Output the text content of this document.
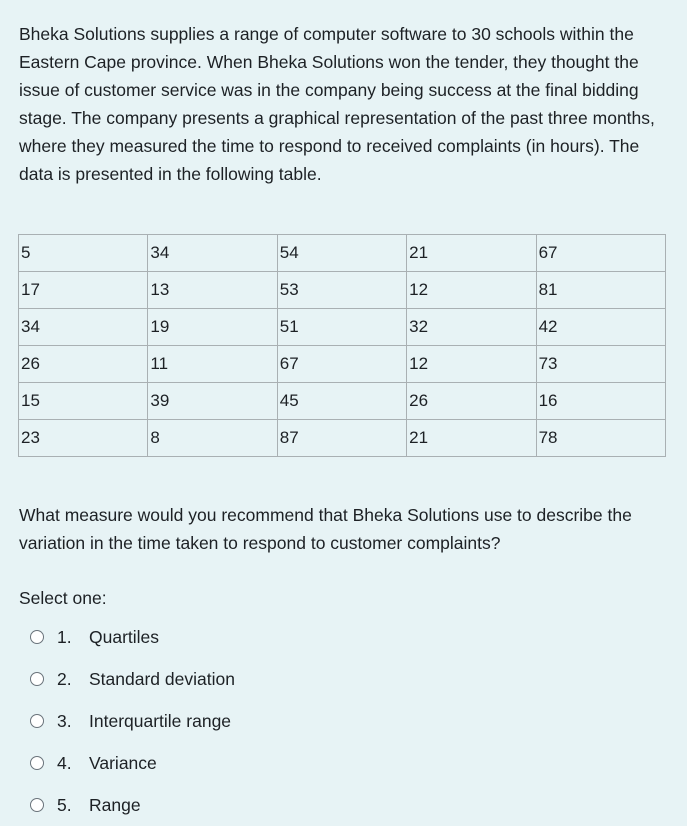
Bheka Solutions supplies a range of computer software to 30 schools within the Eastern Cape province. When Bheka Solutions won the tender, they thought the issue of customer service was in the company being success at the final bidding stage. The company presents a graphical representation of the past three months, where they measured the time to respond to received complaints (in hours). The data is presented in the following table.

5	34	54	21	67
17	13	53	12	81
34	19	51	32	42
26	11	67	12	73
15	39	45	26	16
23	8	87	21	78

What measure would you recommend that Bheka Solutions use to describe the variation in the time taken to respond to customer complaints?

Select one:

1. Quartiles
2. Standard deviation
3. Interquartile range
4. Variance
5. Range
